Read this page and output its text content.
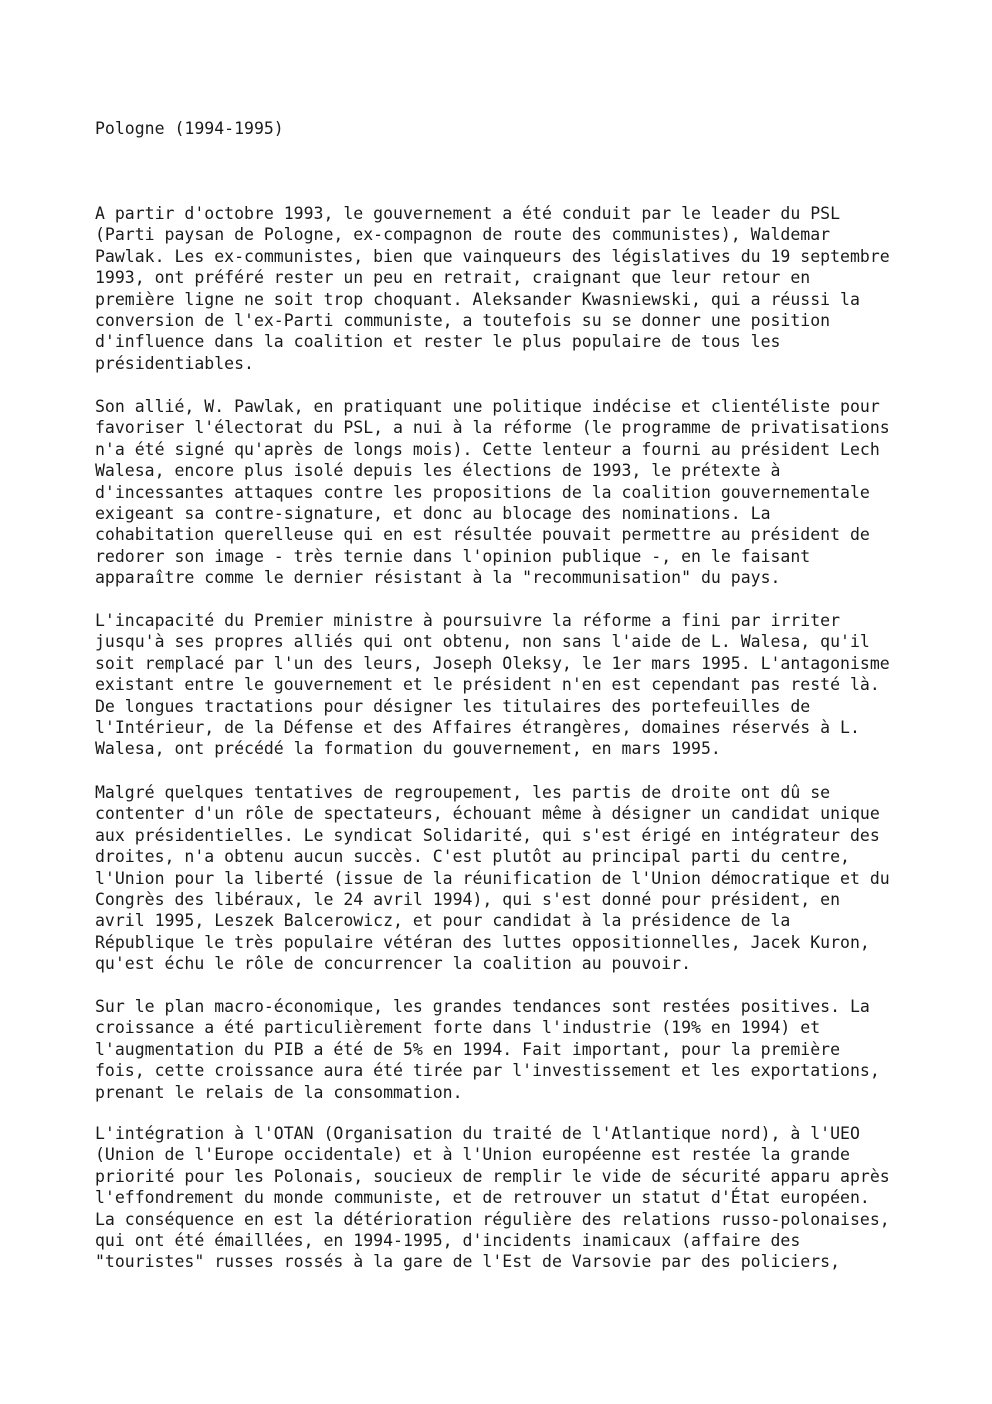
Pologne (1994-1995)

A partir d'octobre 1993, le gouvernement a été conduit par le leader du PSL
(Parti paysan de Pologne, ex-compagnon de route des communistes), Waldemar
Pawlak. Les ex-communistes, bien que vainqueurs des législatives du 19 septembre
1993, ont préféré rester un peu en retrait, craignant que leur retour en
première ligne ne soit trop choquant. Aleksander Kwasniewski, qui a réussi la
conversion de l'ex-Parti communiste, a toutefois su se donner une position
d'influence dans la coalition et rester le plus populaire de tous les
présidentiables.

Son allié, W. Pawlak, en pratiquant une politique indécise et clientéliste pour
favoriser l'électorat du PSL, a nui à la réforme (le programme de privatisations
n'a été signé qu'après de longs mois). Cette lenteur a fourni au président Lech
Walesa, encore plus isolé depuis les élections de 1993, le prétexte à
d'incessantes attaques contre les propositions de la coalition gouvernementale
exigeant sa contre-signature, et donc au blocage des nominations. La
cohabitation querelleuse qui en est résultée pouvait permettre au président de
redorer son image - très ternie dans l'opinion publique -, en le faisant
apparaître comme le dernier résistant à la "recommunisation" du pays.

L'incapacité du Premier ministre à poursuivre la réforme a fini par irriter
jusqu'à ses propres alliés qui ont obtenu, non sans l'aide de L. Walesa, qu'il
soit remplacé par l'un des leurs, Joseph Oleksy, le 1er mars 1995. L'antagonisme
existant entre le gouvernement et le président n'en est cependant pas resté là.
De longues tractations pour désigner les titulaires des portefeuilles de
l'Intérieur, de la Défense et des Affaires étrangères, domaines réservés à L.
Walesa, ont précédé la formation du gouvernement, en mars 1995.

Malgré quelques tentatives de regroupement, les partis de droite ont dû se
contenter d'un rôle de spectateurs, échouant même à désigner un candidat unique
aux présidentielles. Le syndicat Solidarité, qui s'est érigé en intégrateur des
droites, n'a obtenu aucun succès. C'est plutôt au principal parti du centre,
l'Union pour la liberté (issue de la réunification de l'Union démocratique et du
Congrès des libéraux, le 24 avril 1994), qui s'est donné pour président, en
avril 1995, Leszek Balcerowicz, et pour candidat à la présidence de la
République le très populaire vétéran des luttes oppositionnelles, Jacek Kuron,
qu'est échu le rôle de concurrencer la coalition au pouvoir.

Sur le plan macro-économique, les grandes tendances sont restées positives. La
croissance a été particulièrement forte dans l'industrie (19% en 1994) et
l'augmentation du PIB a été de 5% en 1994. Fait important, pour la première
fois, cette croissance aura été tirée par l'investissement et les exportations,
prenant le relais de la consommation.

L'intégration à l'OTAN (Organisation du traité de l'Atlantique nord), à l'UEO
(Union de l'Europe occidentale) et à l'Union européenne est restée la grande
priorité pour les Polonais, soucieux de remplir le vide de sécurité apparu après
l'effondrement du monde communiste, et de retrouver un statut d'État européen.
La conséquence en est la détérioration régulière des relations russo-polonaises,
qui ont été émaillées, en 1994-1995, d'incidents inamicaux (affaire des
"touristes" russes rossés à la gare de l'Est de Varsovie par des policiers,
